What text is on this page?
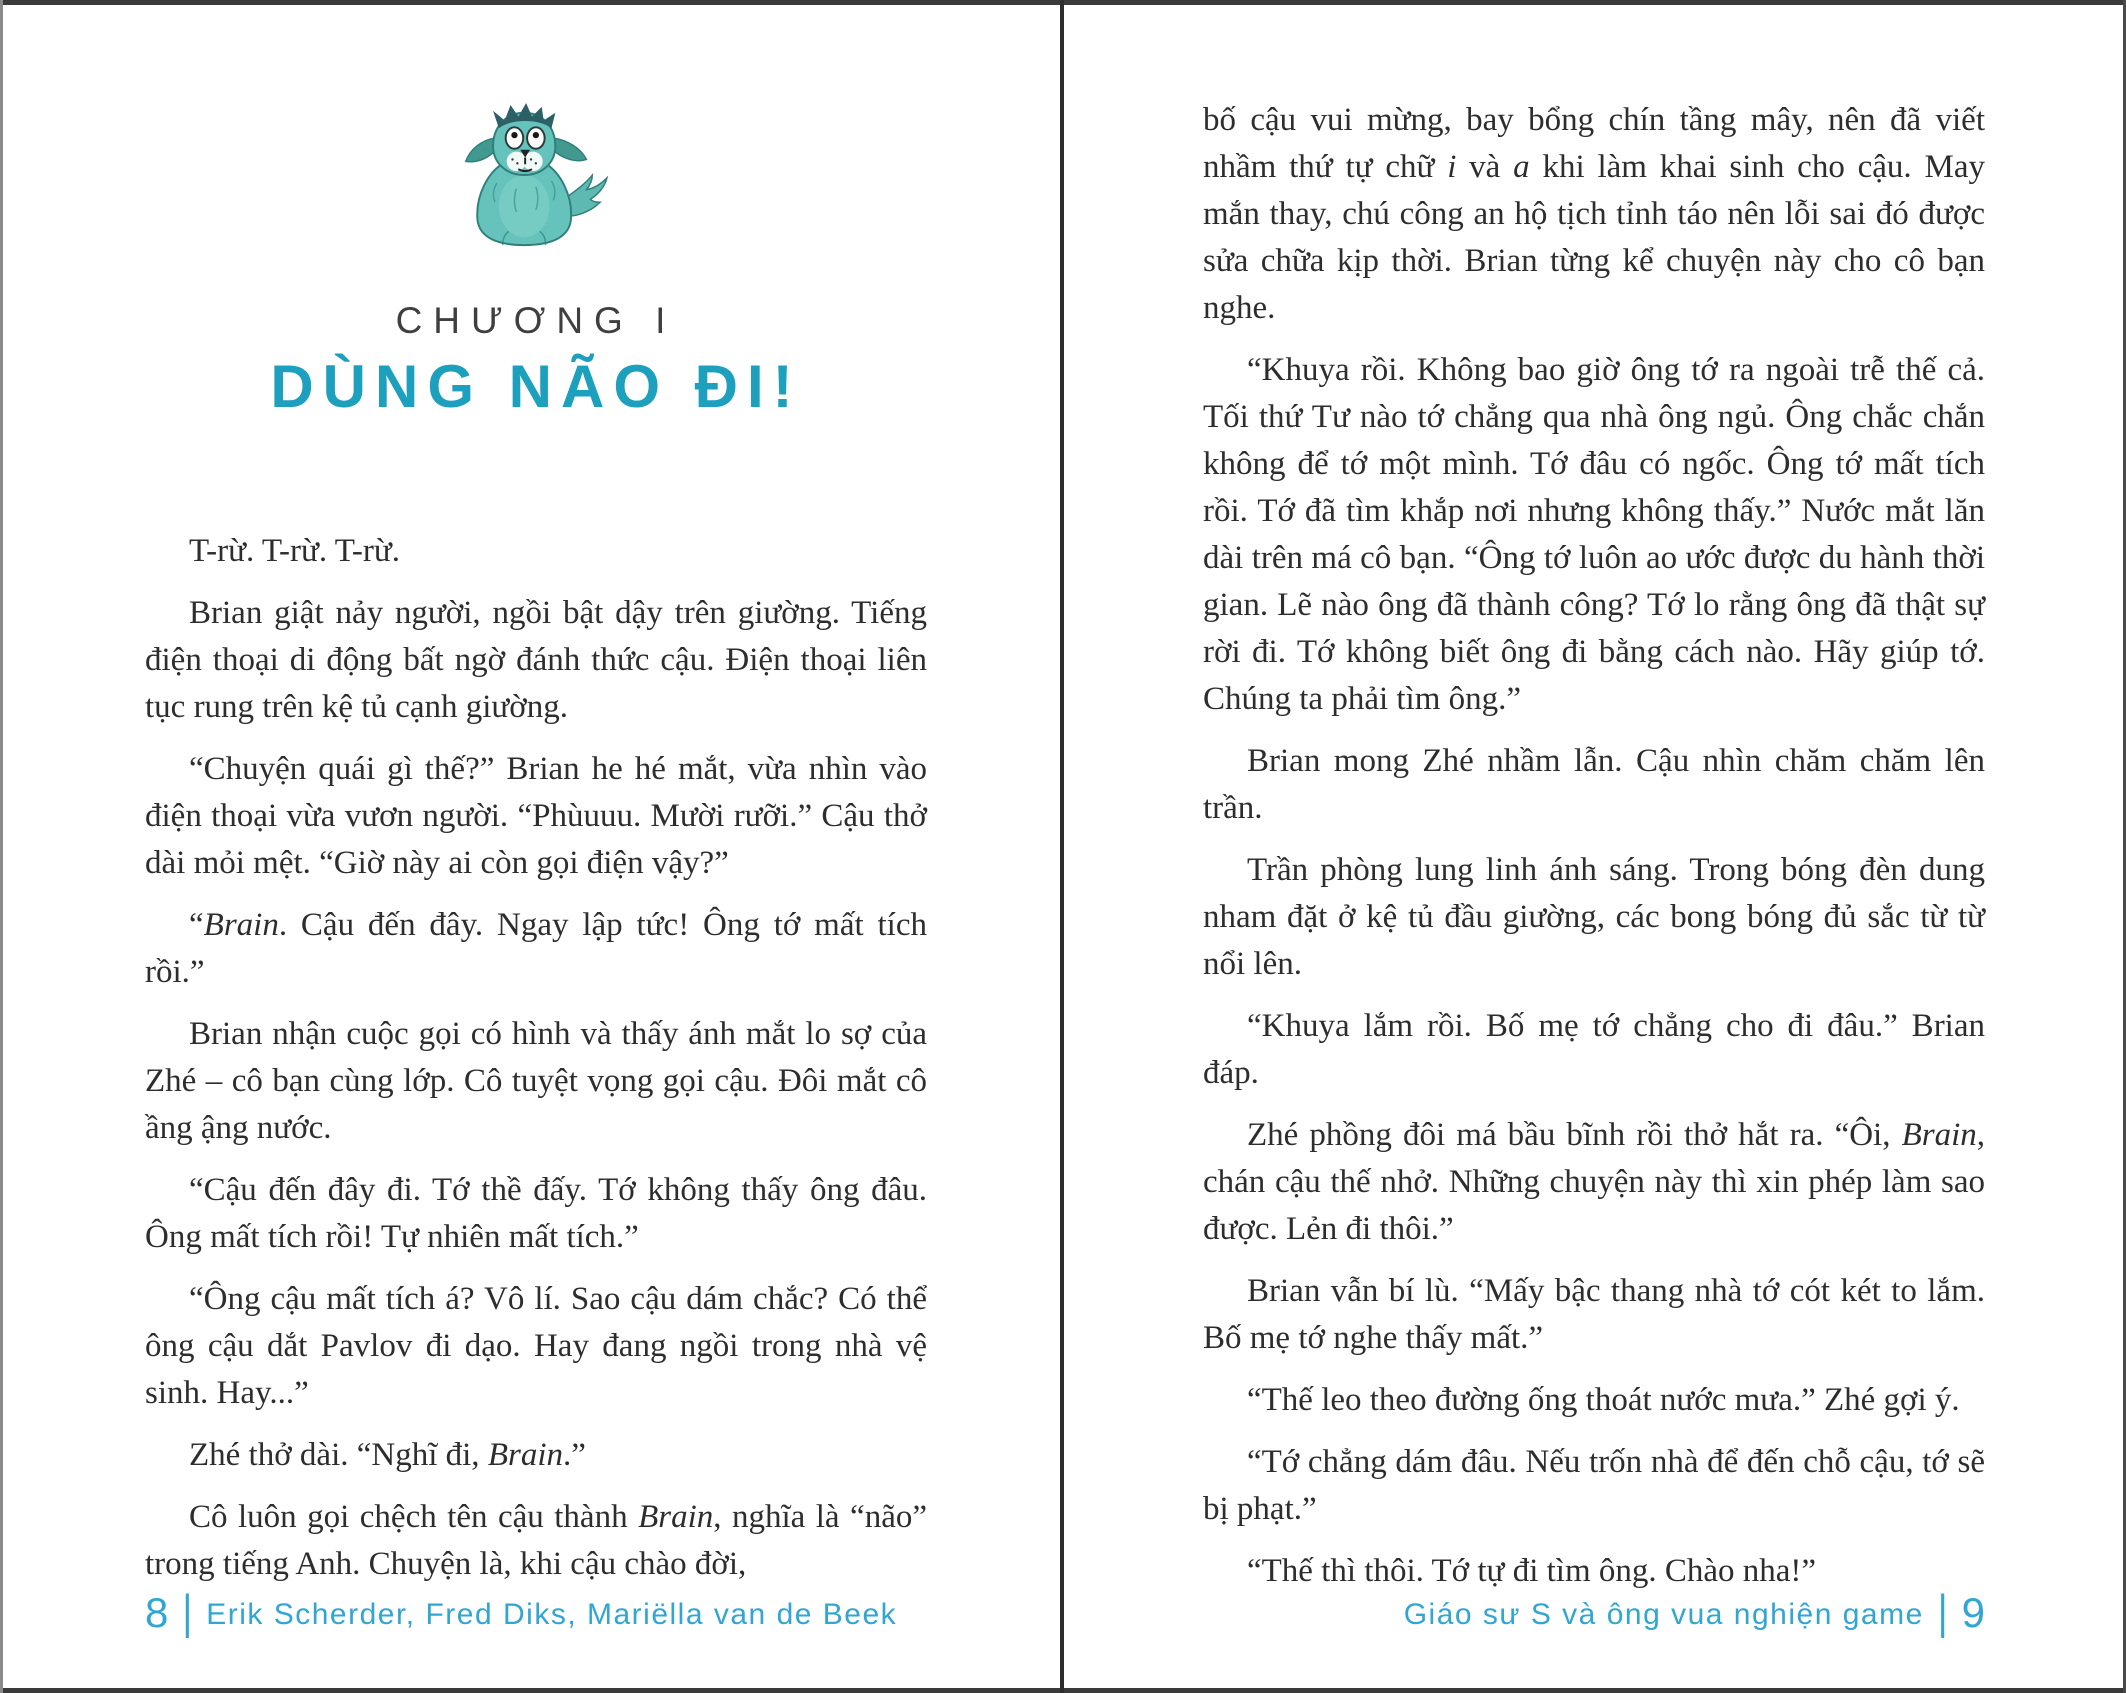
CHƯƠNG I
DÙNG NÃO ĐI!

T-rừ. T-rừ. T-rừ.

Brian giật nảy người, ngồi bật dậy trên giường. Tiếng điện thoại di động bất ngờ đánh thức cậu. Điện thoại liên tục rung trên kệ tủ cạnh giường.

“Chuyện quái gì thế?” Brian he hé mắt, vừa nhìn vào điện thoại vừa vươn người. “Phùuuu. Mười rưỡi.” Cậu thở dài mỏi mệt. “Giờ này ai còn gọi điện vậy?”

“Brain. Cậu đến đây. Ngay lập tức! Ông tớ mất tích rồi.”

Brian nhận cuộc gọi có hình và thấy ánh mắt lo sợ của Zhé – cô bạn cùng lớp. Cô tuyệt vọng gọi cậu. Đôi mắt cô ầng ậng nước.

“Cậu đến đây đi. Tớ thề đấy. Tớ không thấy ông đâu. Ông mất tích rồi! Tự nhiên mất tích.”

“Ông cậu mất tích á? Vô lí. Sao cậu dám chắc? Có thể ông cậu dắt Pavlov đi dạo. Hay đang ngồi trong nhà vệ sinh. Hay...”

Zhé thở dài. “Nghĩ đi, Brain.”

Cô luôn gọi chệch tên cậu thành Brain, nghĩa là “não” trong tiếng Anh. Chuyện là, khi cậu chào đời,

8 | Erik Scherder, Fred Diks, Mariëlla van de Beek

bố cậu vui mừng, bay bổng chín tầng mây, nên đã viết nhầm thứ tự chữ i và a khi làm khai sinh cho cậu. May mắn thay, chú công an hộ tịch tỉnh táo nên lỗi sai đó được sửa chữa kịp thời. Brian từng kể chuyện này cho cô bạn nghe.

“Khuya rồi. Không bao giờ ông tớ ra ngoài trễ thế cả. Tối thứ Tư nào tớ chẳng qua nhà ông ngủ. Ông chắc chắn không để tớ một mình. Tớ đâu có ngốc. Ông tớ mất tích rồi. Tớ đã tìm khắp nơi nhưng không thấy.” Nước mắt lăn dài trên má cô bạn. “Ông tớ luôn ao ước được du hành thời gian. Lẽ nào ông đã thành công? Tớ lo rằng ông đã thật sự rời đi. Tớ không biết ông đi bằng cách nào. Hãy giúp tớ. Chúng ta phải tìm ông.”

Brian mong Zhé nhầm lẫn. Cậu nhìn chăm chăm lên trần.

Trần phòng lung linh ánh sáng. Trong bóng đèn dung nham đặt ở kệ tủ đầu giường, các bong bóng đủ sắc từ từ nổi lên.

“Khuya lắm rồi. Bố mẹ tớ chẳng cho đi đâu.” Brian đáp.

Zhé phồng đôi má bầu bĩnh rồi thở hắt ra. “Ôi, Brain, chán cậu thế nhở. Những chuyện này thì xin phép làm sao được. Lẻn đi thôi.”

Brian vẫn bí lù. “Mấy bậc thang nhà tớ cót két to lắm. Bố mẹ tớ nghe thấy mất.”

“Thế leo theo đường ống thoát nước mưa.” Zhé gợi ý.

“Tớ chẳng dám đâu. Nếu trốn nhà để đến chỗ cậu, tớ sẽ bị phạt.”

“Thế thì thôi. Tớ tự đi tìm ông. Chào nha!”

Giáo sư S và ông vua nghiện game | 9
